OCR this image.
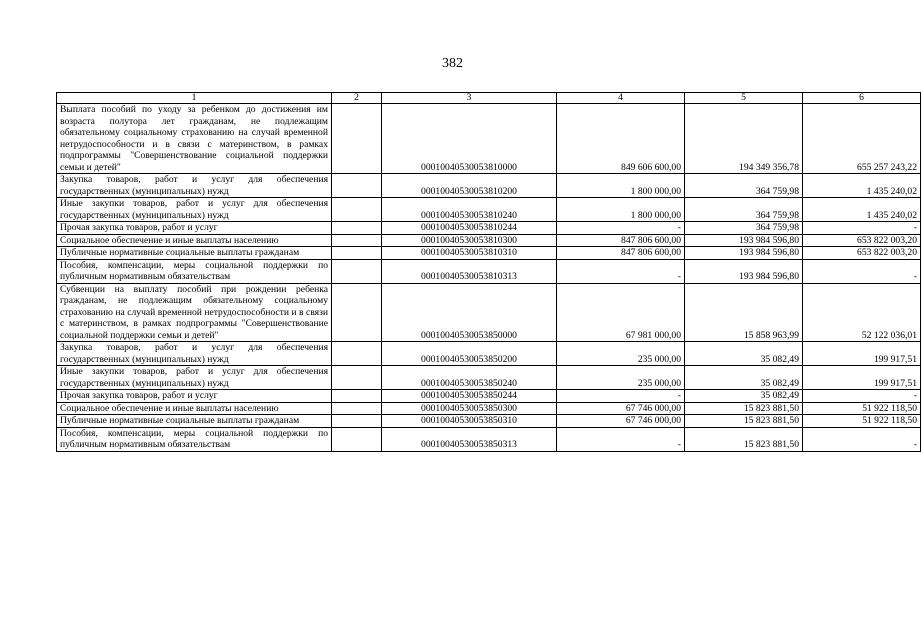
382
1	2	3	4	5	6
Выплата пособий по уходу за ребенком до достижения им возраста полутора лет гражданам, не подлежащим обязательному социальному страхованию на случай временной нетрудоспособности и в связи с материнством, в рамках подпрограммы "Совершенствование социальной поддержки семьи и детей"		00010040530053810000	849 606 600,00	194 349 356,78	655 257 243,22
Закупка товаров, работ и услуг для обеспечения государственных (муниципальных) нужд		00010040530053810200	1 800 000,00	364 759,98	1 435 240,02
Иные закупки товаров, работ и услуг для обеспечения государственных (муниципальных) нужд		00010040530053810240	1 800 000,00	364 759,98	1 435 240,02
Прочая закупка товаров, работ и услуг		00010040530053810244	-	364 759,98	-
Социальное обеспечение и иные выплаты населению		00010040530053810300	847 806 600,00	193 984 596,80	653 822 003,20
Публичные нормативные социальные выплаты гражданам		00010040530053810310	847 806 600,00	193 984 596,80	653 822 003,20
Пособия, компенсации, меры социальной поддержки по публичным нормативным обязательствам		00010040530053810313	-	193 984 596,80	-
Субвенции на выплату пособий при рождении ребенка гражданам, не подлежащим обязательному социальному страхованию на случай временной нетрудоспособности и в связи с материнством, в рамках подпрограммы "Совершенствование социальной поддержки семьи и детей"		00010040530053850000	67 981 000,00	15 858 963,99	52 122 036,01
Закупка товаров, работ и услуг для обеспечения государственных (муниципальных) нужд		00010040530053850200	235 000,00	35 082,49	199 917,51
Иные закупки товаров, работ и услуг для обеспечения государственных (муниципальных) нужд		00010040530053850240	235 000,00	35 082,49	199 917,51
Прочая закупка товаров, работ и услуг		00010040530053850244	-	35 082,49	-
Социальное обеспечение и иные выплаты населению		00010040530053850300	67 746 000,00	15 823 881,50	51 922 118,50
Публичные нормативные социальные выплаты гражданам		00010040530053850310	67 746 000,00	15 823 881,50	51 922 118,50
Пособия, компенсации, меры социальной поддержки по публичным нормативным обязательствам		00010040530053850313	-	15 823 881,50	-
